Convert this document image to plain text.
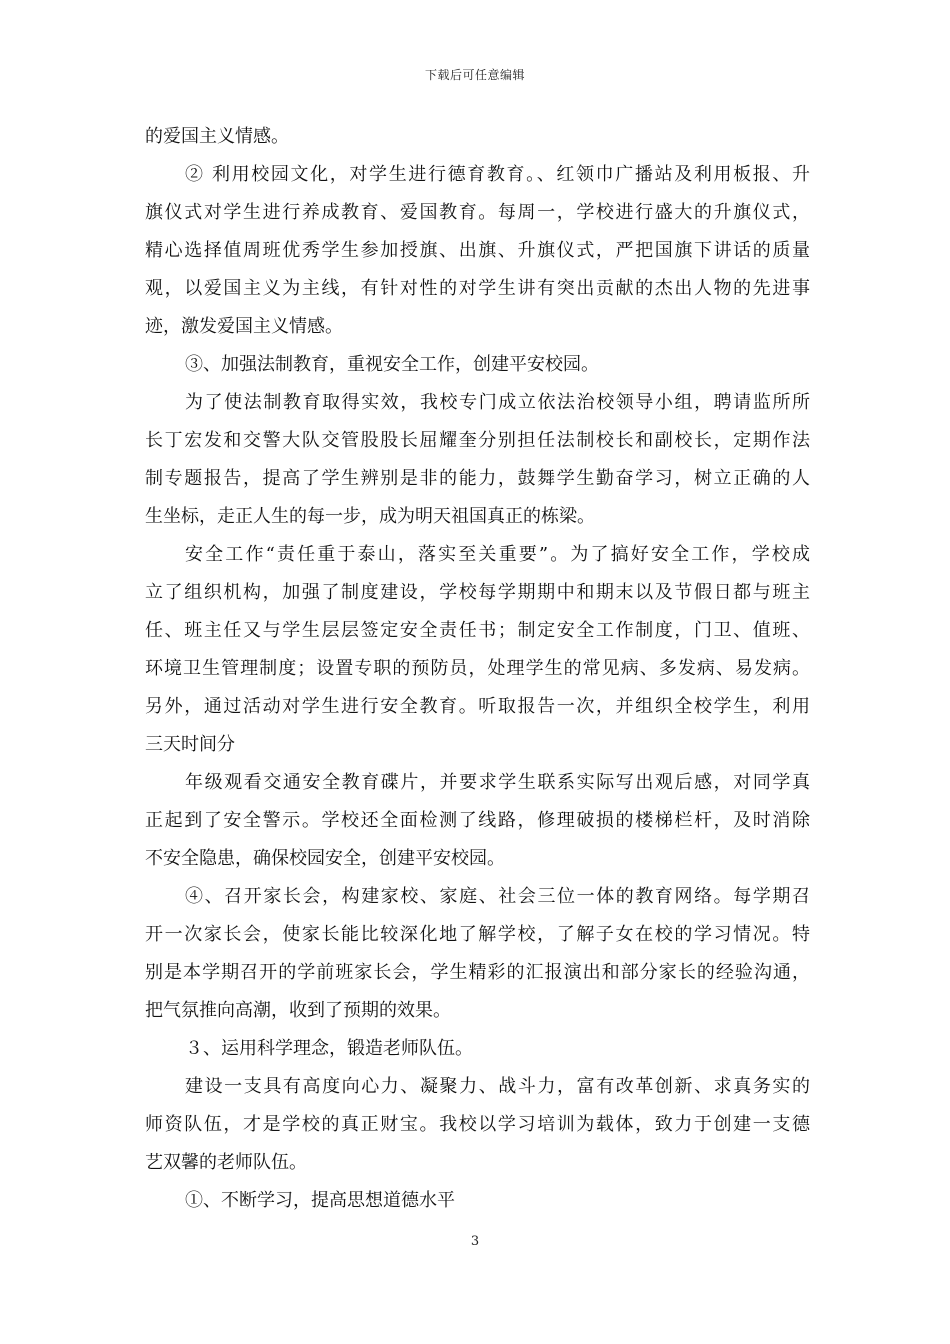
下载后可任意编辑
的爱国主义情感。
② 利用校园文化，对学生进行德育教育。、红领巾广播站及利用板报、升
旗仪式对学生进行养成教育、爱国教育。每周一，学校进行盛大的升旗仪式，
精心选择值周班优秀学生参加授旗、出旗、升旗仪式，严把国旗下讲话的质量
观，以爱国主义为主线，有针对性的对学生讲有突出贡献的杰出人物的先进事
迹，激发爱国主义情感。
③、加强法制教育，重视安全工作，创建平安校园。
为了使法制教育取得实效，我校专门成立依法治校领导小组，聘请监所所
长丁宏发和交警大队交管股股长屈耀奎分别担任法制校长和副校长，定期作法
制专题报告，提高了学生辨别是非的能力，鼓舞学生勤奋学习，树立正确的人
生坐标，走正人生的每一步，成为明天祖国真正的栋梁。
安全工作“责任重于泰山，落实至关重要”。为了搞好安全工作，学校成
立了组织机构，加强了制度建设，学校每学期期中和期末以及节假日都与班主
任、班主任又与学生层层签定安全责任书；制定安全工作制度，门卫、值班、
环境卫生管理制度；设置专职的预防员，处理学生的常见病、多发病、易发病。
另外，通过活动对学生进行安全教育。听取报告一次，并组织全校学生，利用
三天时间分
年级观看交通安全教育碟片，并要求学生联系实际写出观后感，对同学真
正起到了安全警示。学校还全面检测了线路，修理破损的楼梯栏杆，及时消除
不安全隐患，确保校园安全，创建平安校园。
④、召开家长会，构建家校、家庭、社会三位一体的教育网络。每学期召
开一次家长会，使家长能比较深化地了解学校，了解子女在校的学习情况。特
别是本学期召开的学前班家长会，学生精彩的汇报演出和部分家长的经验沟通，
把气氛推向高潮，收到了预期的效果。
３、运用科学理念，锻造老师队伍。
建设一支具有高度向心力、凝聚力、战斗力，富有改革创新、求真务实的
师资队伍，才是学校的真正财宝。我校以学习培训为载体，致力于创建一支德
艺双馨的老师队伍。
①、不断学习，提高思想道德水平
3
